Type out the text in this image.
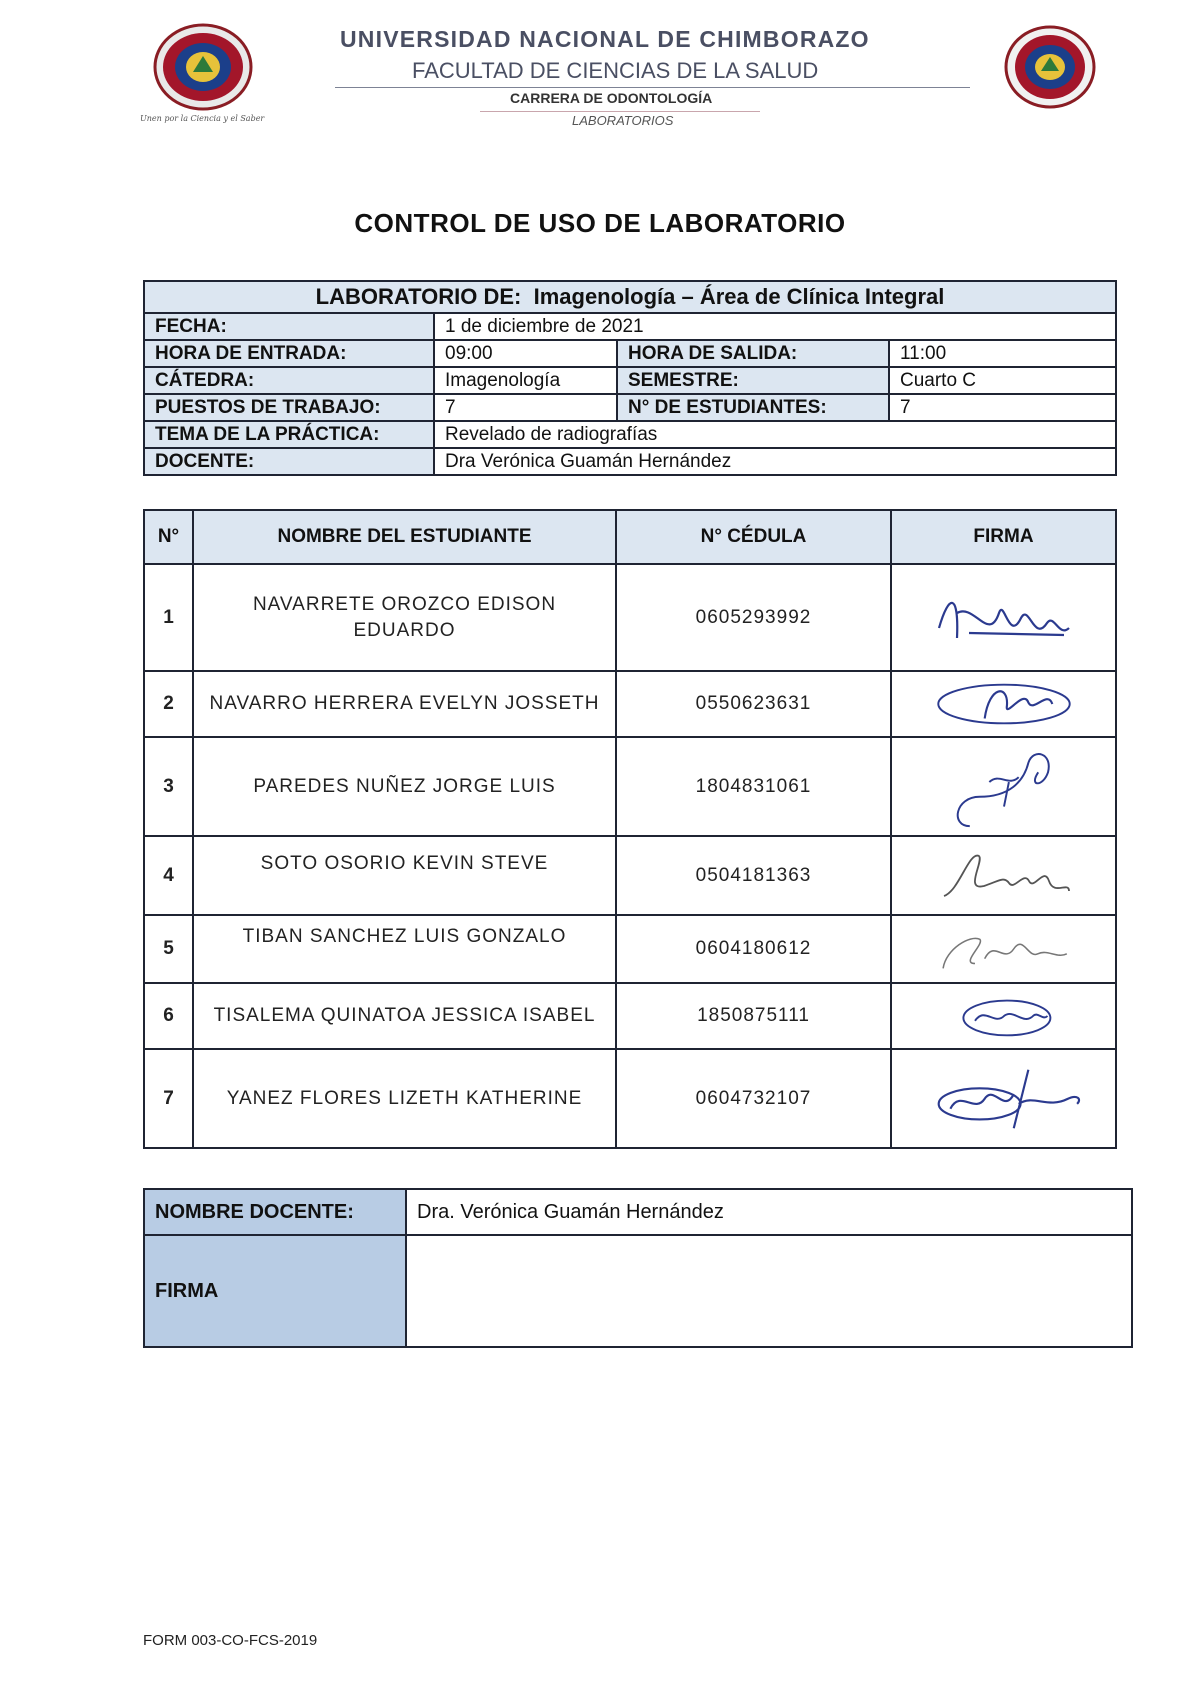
Unen por la Ciencia y el Saber
UNIVERSIDAD NACIONAL DE CHIMBORAZO
FACULTAD DE CIENCIAS DE LA SALUD
CARRERA DE ODONTOLOGÍA
LABORATORIOS
CONTROL DE USO DE LABORATORIO
LABORATORIO DE: Imagenología – Área de Clínica Integral			
FECHA:	1 de diciembre de 2021		
HORA DE ENTRADA:	09:00	HORA DE SALIDA:	11:00
CÁTEDRA:	Imagenología	SEMESTRE:	Cuarto C
PUESTOS DE TRABAJO:	7	N° DE ESTUDIANTES:	7
TEMA DE LA PRÁCTICA:	Revelado de radiografías		
DOCENTE:	Dra Verónica Guamán Hernández		
N°	NOMBRE DEL ESTUDIANTE	N° CÉDULA	FIRMA
1	NAVARRETE OROZCO EDISON EDUARDO	0605293992	

2	NAVARRO HERRERA EVELYN JOSSETH	0550623631	

3	PAREDES NUÑEZ JORGE LUIS	1804831061	

4	SOTO OSORIO KEVIN STEVE	0504181363	

5	TIBAN SANCHEZ LUIS GONZALO	0604180612	

6	TISALEMA QUINATOA JESSICA ISABEL	1850875111	

7	YANEZ FLORES LIZETH KATHERINE	0604732107	
NOMBRE DOCENTE:	Dra. Verónica Guamán Hernández
FIRMA	
FORM 003-CO-FCS-2019
